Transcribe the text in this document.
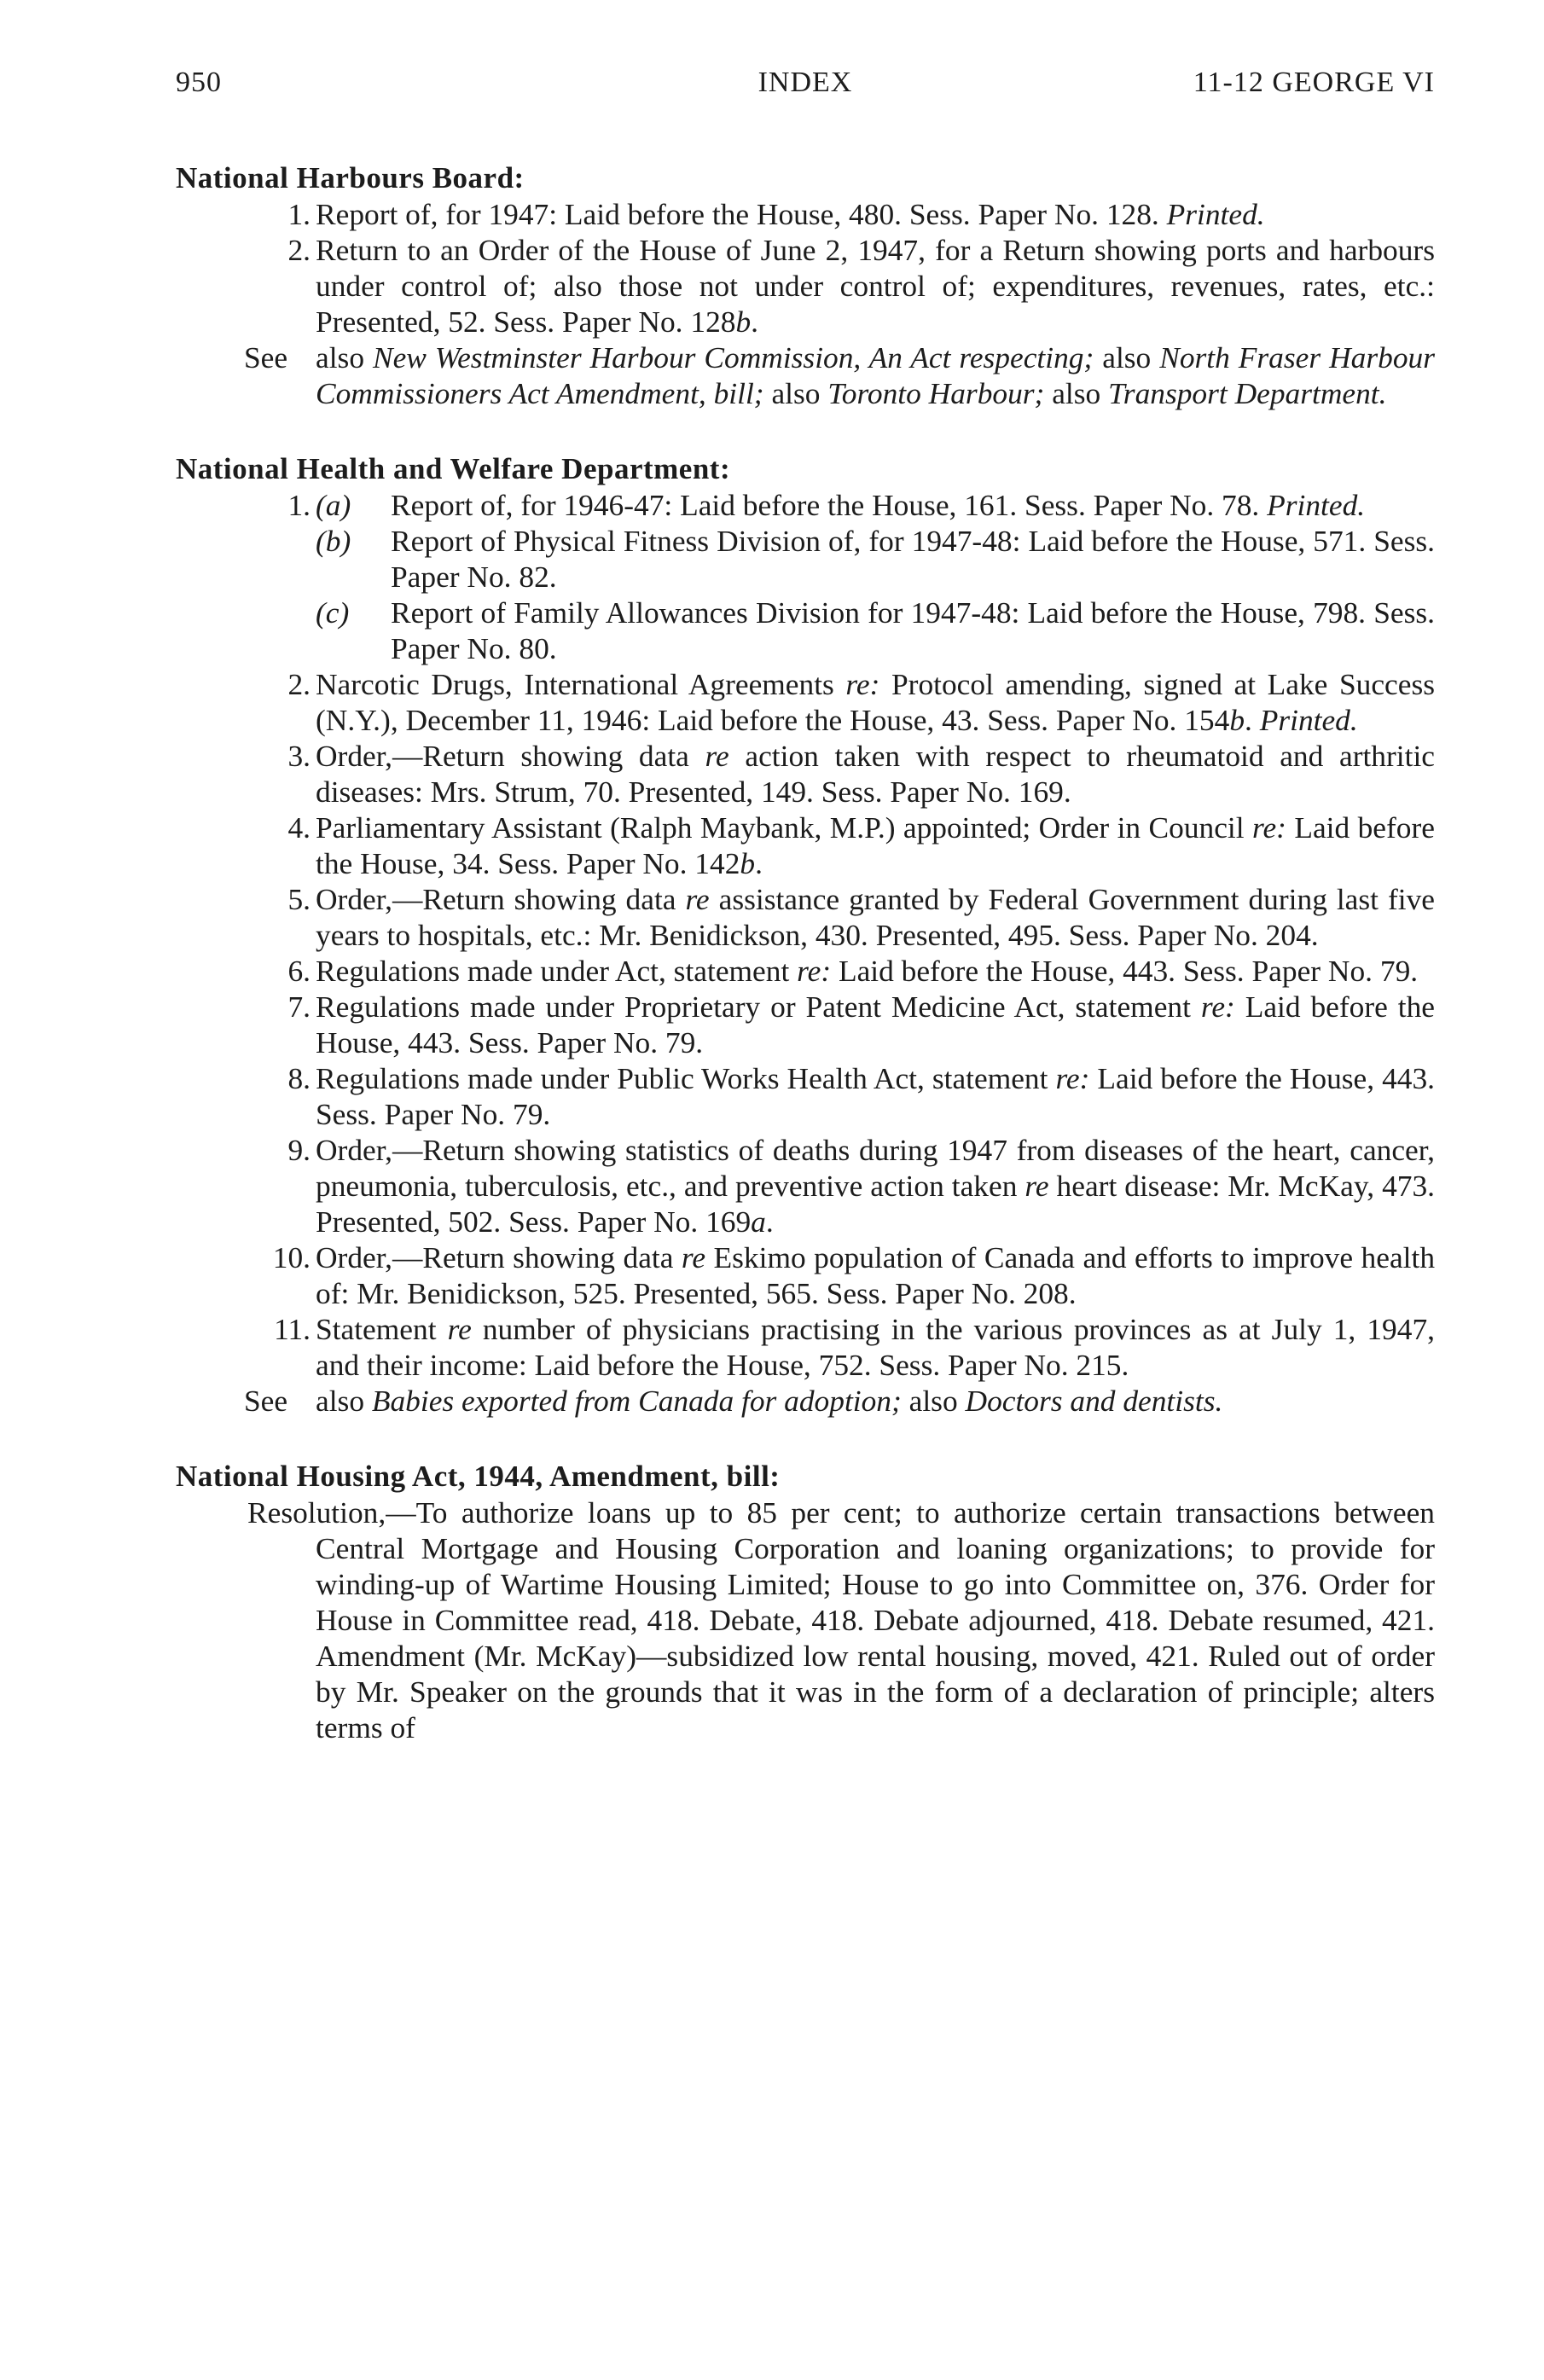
950	INDEX	11-12 GEORGE VI
National Harbours Board:
1. Report of, for 1947: Laid before the House, 480. Sess. Paper No. 128. Printed.
2. Return to an Order of the House of June 2, 1947, for a Return showing ports and harbours under control of; also those not under control of; expenditures, revenues, rates, etc.: Presented, 52. Sess. Paper No. 128b.
See also New Westminster Harbour Commission, An Act respecting; also North Fraser Harbour Commissioners Act Amendment, bill; also Toronto Harbour; also Transport Department.
National Health and Welfare Department:
1. (a) Report of, for 1946-47: Laid before the House, 161. Sess. Paper No. 78. Printed.
(b) Report of Physical Fitness Division of, for 1947-48: Laid before the House, 571. Sess. Paper No. 82.
(c) Report of Family Allowances Division for 1947-48: Laid before the House, 798. Sess. Paper No. 80.
2. Narcotic Drugs, International Agreements re: Protocol amending, signed at Lake Success (N.Y.), December 11, 1946: Laid before the House, 43. Sess. Paper No. 154b. Printed.
3. Order,—Return showing data re action taken with respect to rheumatoid and arthritic diseases: Mrs. Strum, 70. Presented, 149. Sess. Paper No. 169.
4. Parliamentary Assistant (Ralph Maybank, M.P.) appointed; Order in Council re: Laid before the House, 34. Sess. Paper No. 142b.
5. Order,—Return showing data re assistance granted by Federal Government during last five years to hospitals, etc.: Mr. Benidickson, 430. Presented, 495. Sess. Paper No. 204.
6. Regulations made under Act, statement re: Laid before the House, 443. Sess. Paper No. 79.
7. Regulations made under Proprietary or Patent Medicine Act, statement re: Laid before the House, 443. Sess. Paper No. 79.
8. Regulations made under Public Works Health Act, statement re: Laid before the House, 443. Sess. Paper No. 79.
9. Order,—Return showing statistics of deaths during 1947 from diseases of the heart, cancer, pneumonia, tuberculosis, etc., and preventive action taken re heart disease: Mr. McKay, 473. Presented, 502. Sess. Paper No. 169a.
10. Order,—Return showing data re Eskimo population of Canada and efforts to improve health of: Mr. Benidickson, 525. Presented, 565. Sess. Paper No. 208.
11. Statement re number of physicians practising in the various provinces as at July 1, 1947, and their income: Laid before the House, 752. Sess. Paper No. 215.
See also Babies exported from Canada for adoption; also Doctors and dentists.
National Housing Act, 1944, Amendment, bill:
Resolution,—To authorize loans up to 85 per cent; to authorize certain transactions between Central Mortgage and Housing Corporation and loaning organizations; to provide for winding-up of Wartime Housing Limited; House to go into Committee on, 376. Order for House in Committee read, 418. Debate, 418. Debate adjourned, 418. Debate resumed, 421. Amendment (Mr. McKay)—subsidized low rental housing, moved, 421. Ruled out of order by Mr. Speaker on the grounds that it was in the form of a declaration of principle; alters terms of
